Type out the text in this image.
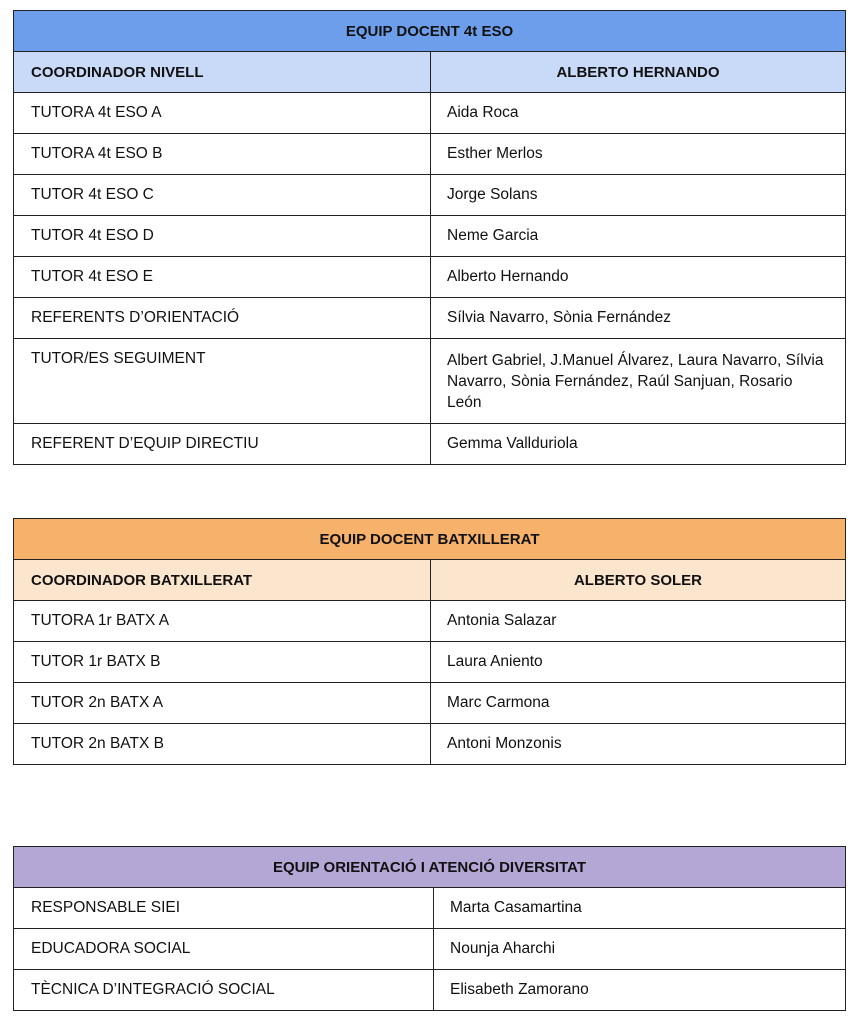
EQUIP DOCENT 4t ESO	
COORDINADOR NIVELL	ALBERTO HERNANDO
TUTORA 4t ESO A	Aida Roca
TUTORA 4t ESO B	Esther Merlos
TUTOR 4t ESO C	Jorge Solans
TUTOR 4t ESO D	Neme Garcia
TUTOR 4t ESO E	Alberto Hernando
REFERENTS D’ORIENTACIÓ	Sílvia Navarro, Sònia Fernández
TUTOR/ES SEGUIMENT	Albert Gabriel, J.Manuel Álvarez, Laura Navarro, Sílvia Navarro, Sònia Fernández, Raúl Sanjuan, Rosario León
REFERENT D’EQUIP DIRECTIU	Gemma Vallduriola
EQUIP DOCENT BATXILLERAT	
COORDINADOR BATXILLERAT	ALBERTO SOLER
TUTORA 1r BATX A	Antonia Salazar
TUTOR 1r BATX B	Laura Aniento
TUTOR 2n BATX A	Marc Carmona
TUTOR 2n BATX B	Antoni Monzonis
EQUIP ORIENTACIÓ I ATENCIÓ DIVERSITAT	
RESPONSABLE SIEI	Marta Casamartina
EDUCADORA SOCIAL	Nounja Aharchi
TÈCNICA D’INTEGRACIÓ SOCIAL	Elisabeth Zamorano
